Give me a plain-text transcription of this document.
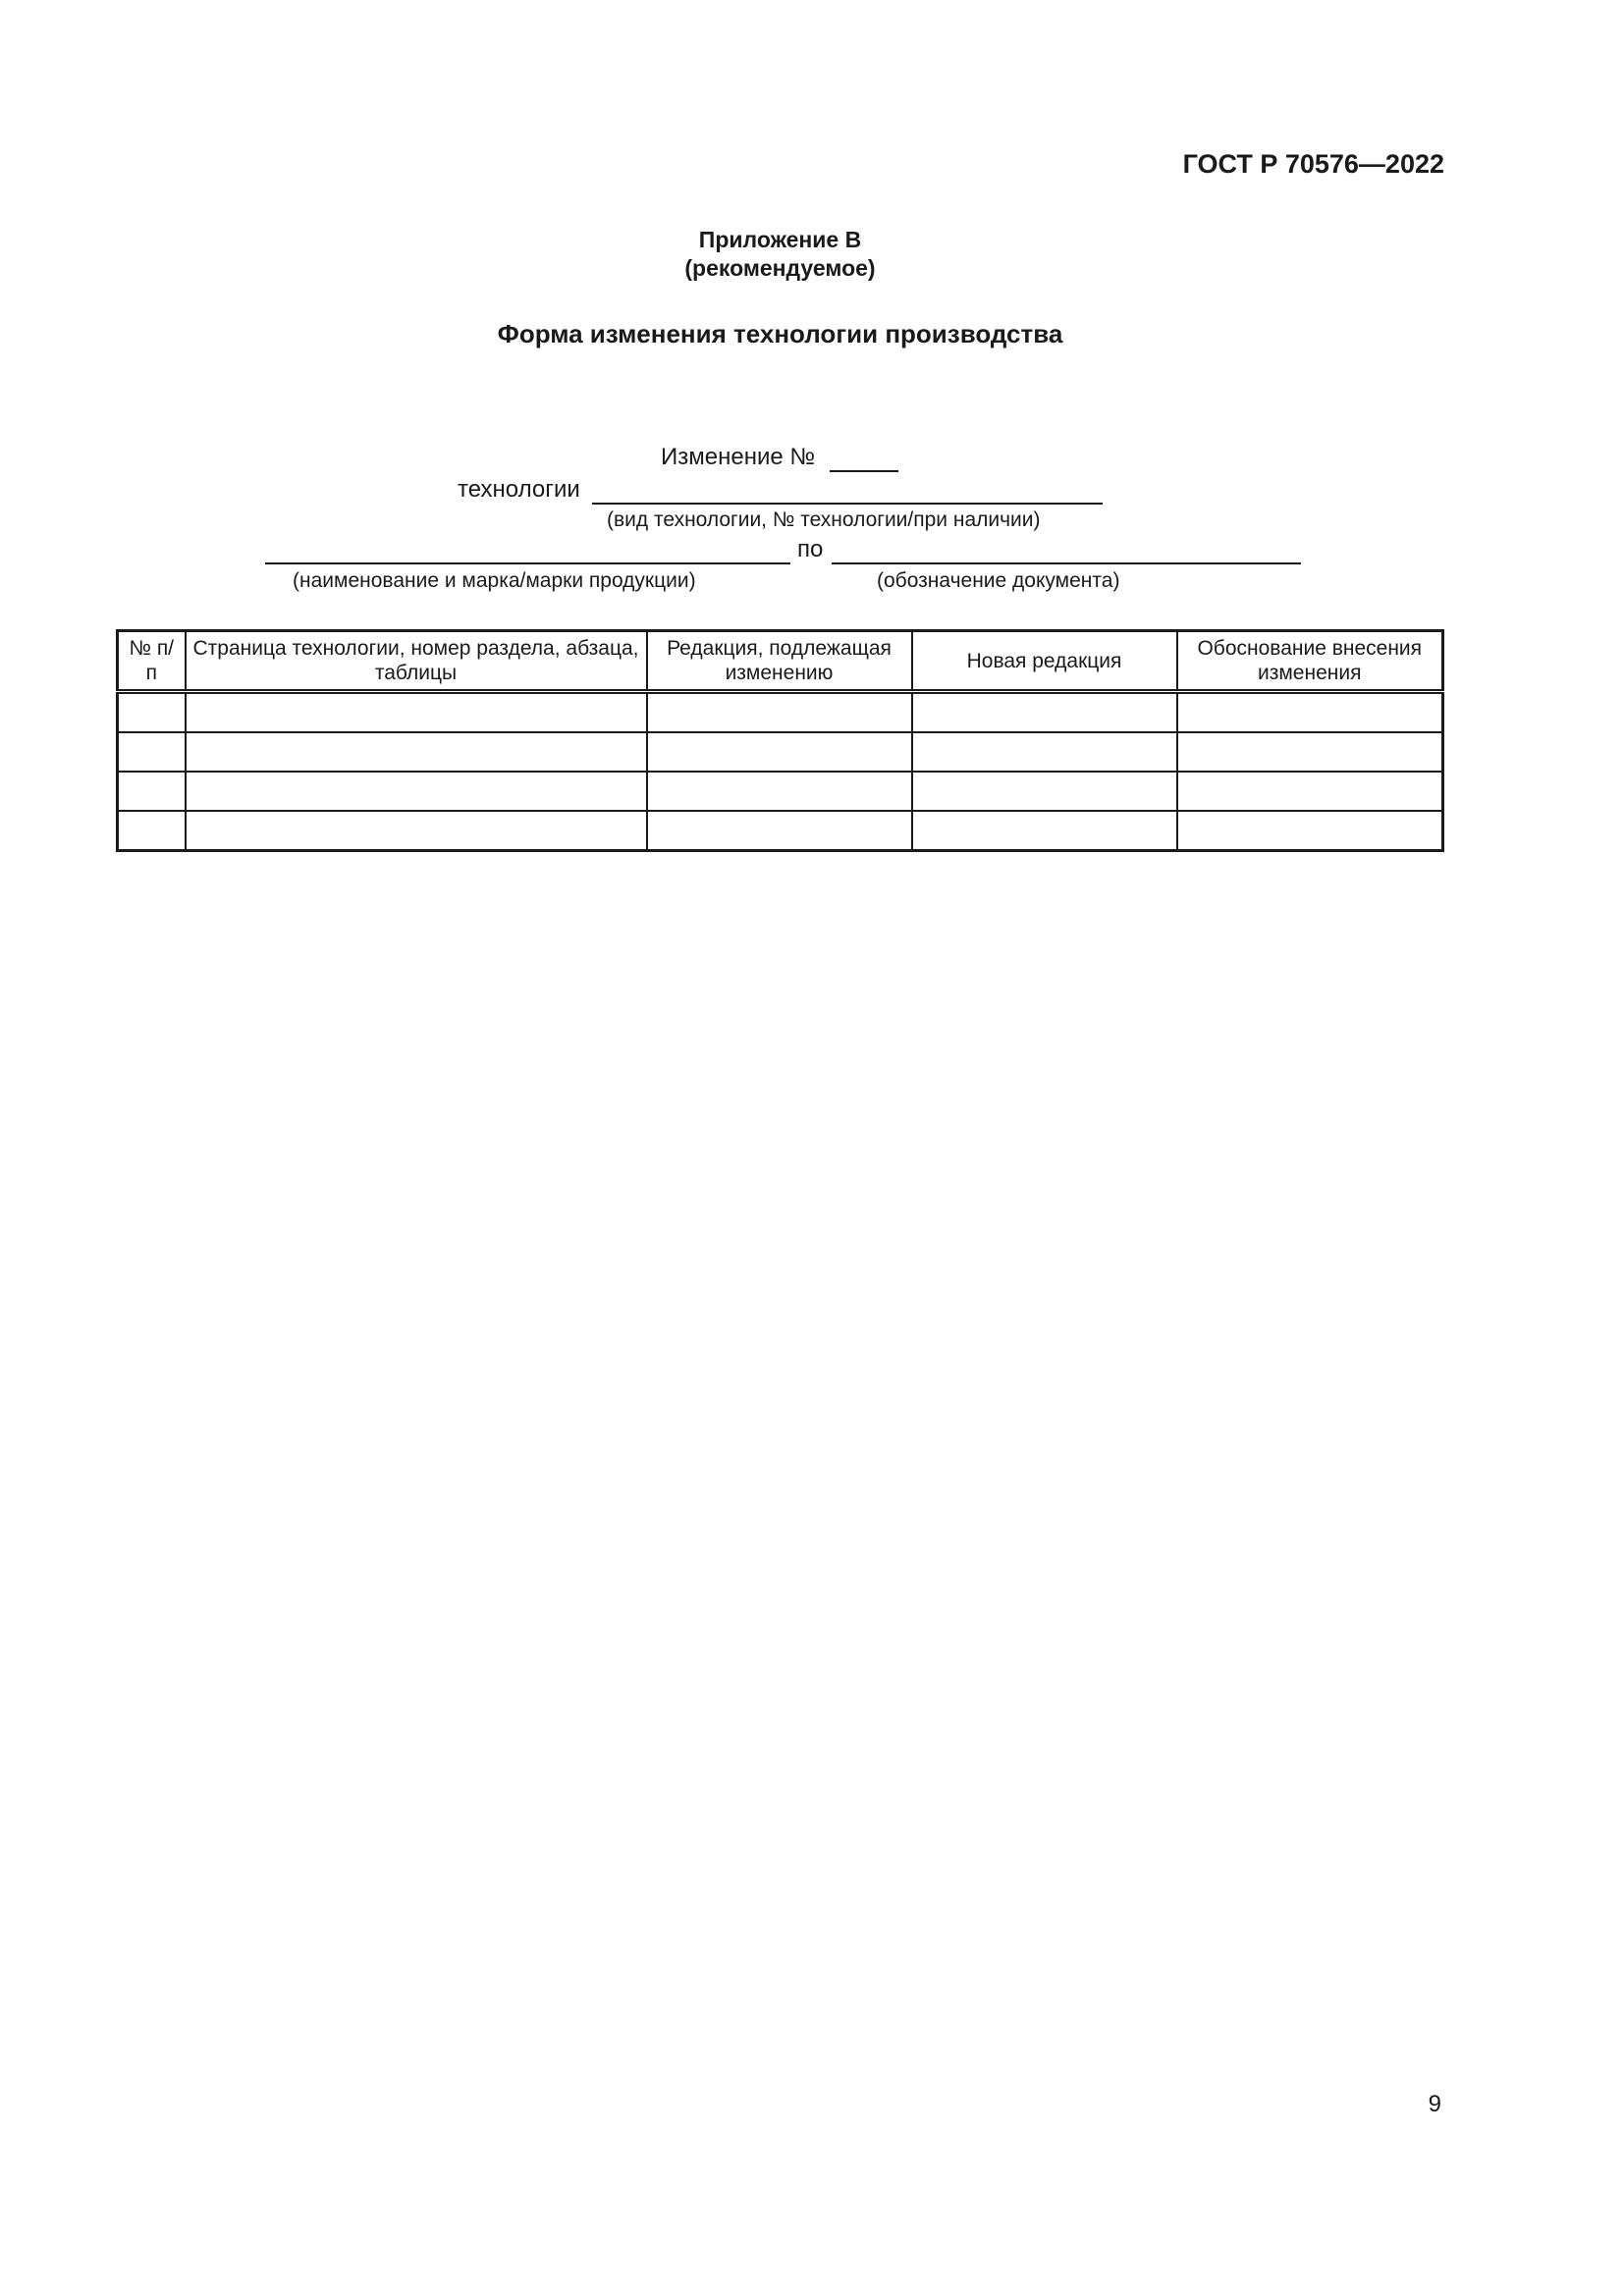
ГОСТ Р 70576—2022
Приложение В
(рекомендуемое)
Форма изменения технологии производства
Изменение №
технологии
(вид технологии, № технологии/при наличии)
по
(наименование и марка/марки продукции)	(обозначение документа)
№ п/п	Страница технологии, номер раздела, абзаца, таблицы	Редакция, подлежащая изменению	Новая редакция	Обоснование внесения изменения

9
